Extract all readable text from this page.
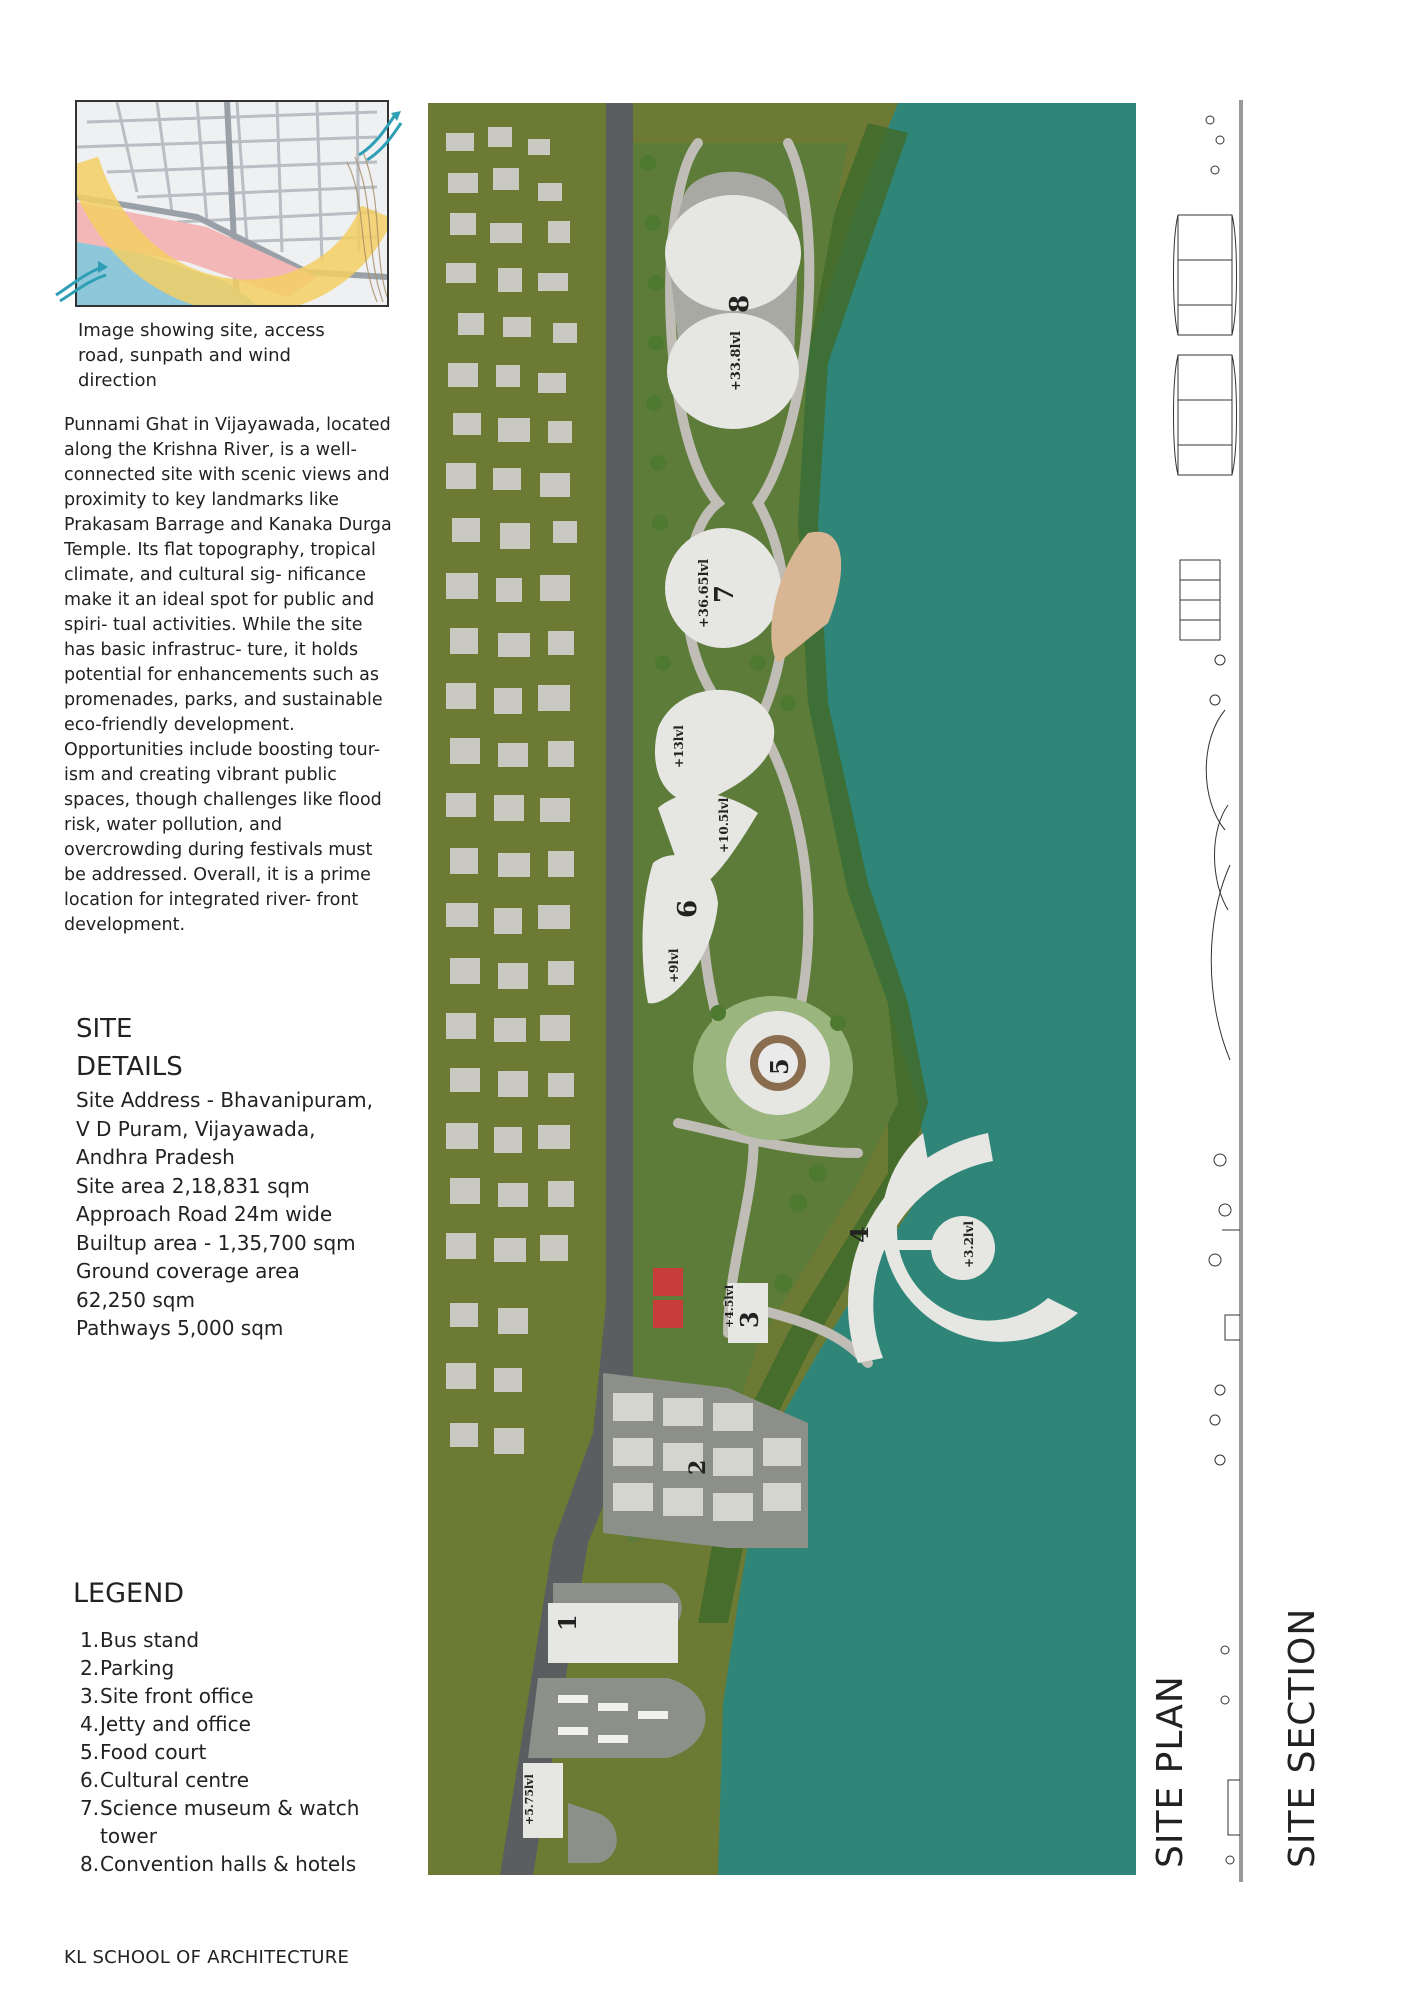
Image showing site, access road, sunpath and wind direction
Punnami Ghat in Vijayawada, located along the Krishna River, is a well-connected site with scenic views and proximity to key landmarks like Prakasam Barrage and Kanaka Durga Temple. Its flat topography, tropical climate, and cultural sig- nificance make it an ideal spot for public and spiri- tual activities. While the site has basic infrastruc- ture, it holds potential for enhancements such as promenades, parks, and sustainable eco-friendly development. Opportunities include boosting tour- ism and creating vibrant public spaces, though challenges like flood risk, water pollution, and overcrowding during festivals must be addressed. Overall, it is a prime location for integrated river- front development.
SITE
DETAILS
Site Address - Bhavanipuram, V D Puram, Vijayawada, Andhra Pradesh
Site area 2,18,831 sqm
Approach Road 24m wide
Builtup area - 1,35,700 sqm
Ground coverage area 62,250 sqm
Pathways 5,000 sqm
LEGEND
1. Bus stand
2. Parking
3. Site front office
4. Jetty and office
5. Food court
6. Cultural centre
7. Science museum & watch tower
8. Convention halls & hotels
KL SCHOOL OF ARCHITECTURE
8
+33.8lvl
7
+36.65lvl
+13lvl
+10.5lvl
6
+9lvl
5
4	+3.2lvl
3
+4.5lvl
2
1
+5.75lvl	SITE PLAN	SITE SECTION
